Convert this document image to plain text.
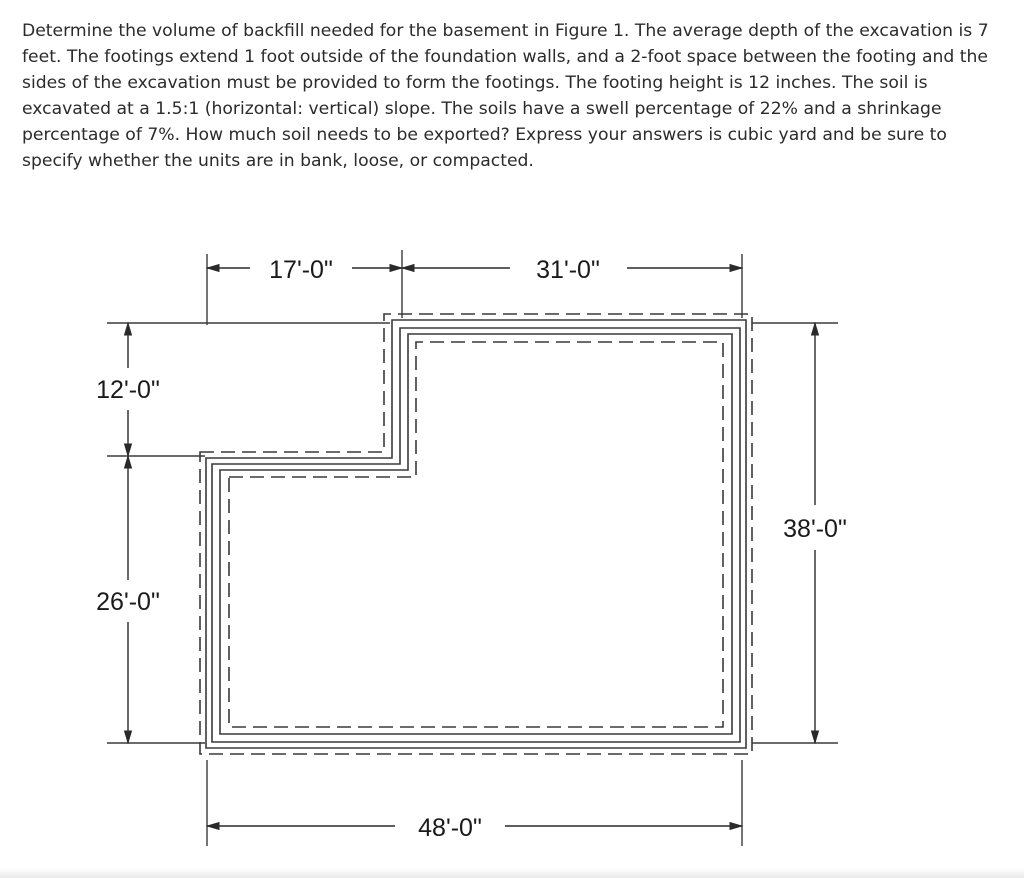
Determine the volume of backfill needed for the basement in Figure 1. The average depth of the excavation is 7 feet. The footings extend 1 foot outside of the foundation walls, and a 2-foot space between the footing and the sides of the excavation must be provided to form the footings. The footing height is 12 inches. The soil is excavated at a 1.5:1 (horizontal: vertical) slope. The soils have a swell percentage of 22% and a shrinkage percentage of 7%. How much soil needs to be exported? Express your answers is cubic yard and be sure to specify whether the units are in bank, loose, or compacted.

17'-0"	31'-0"
12'-0"
26'-0"
38'-0"
48'-0"
